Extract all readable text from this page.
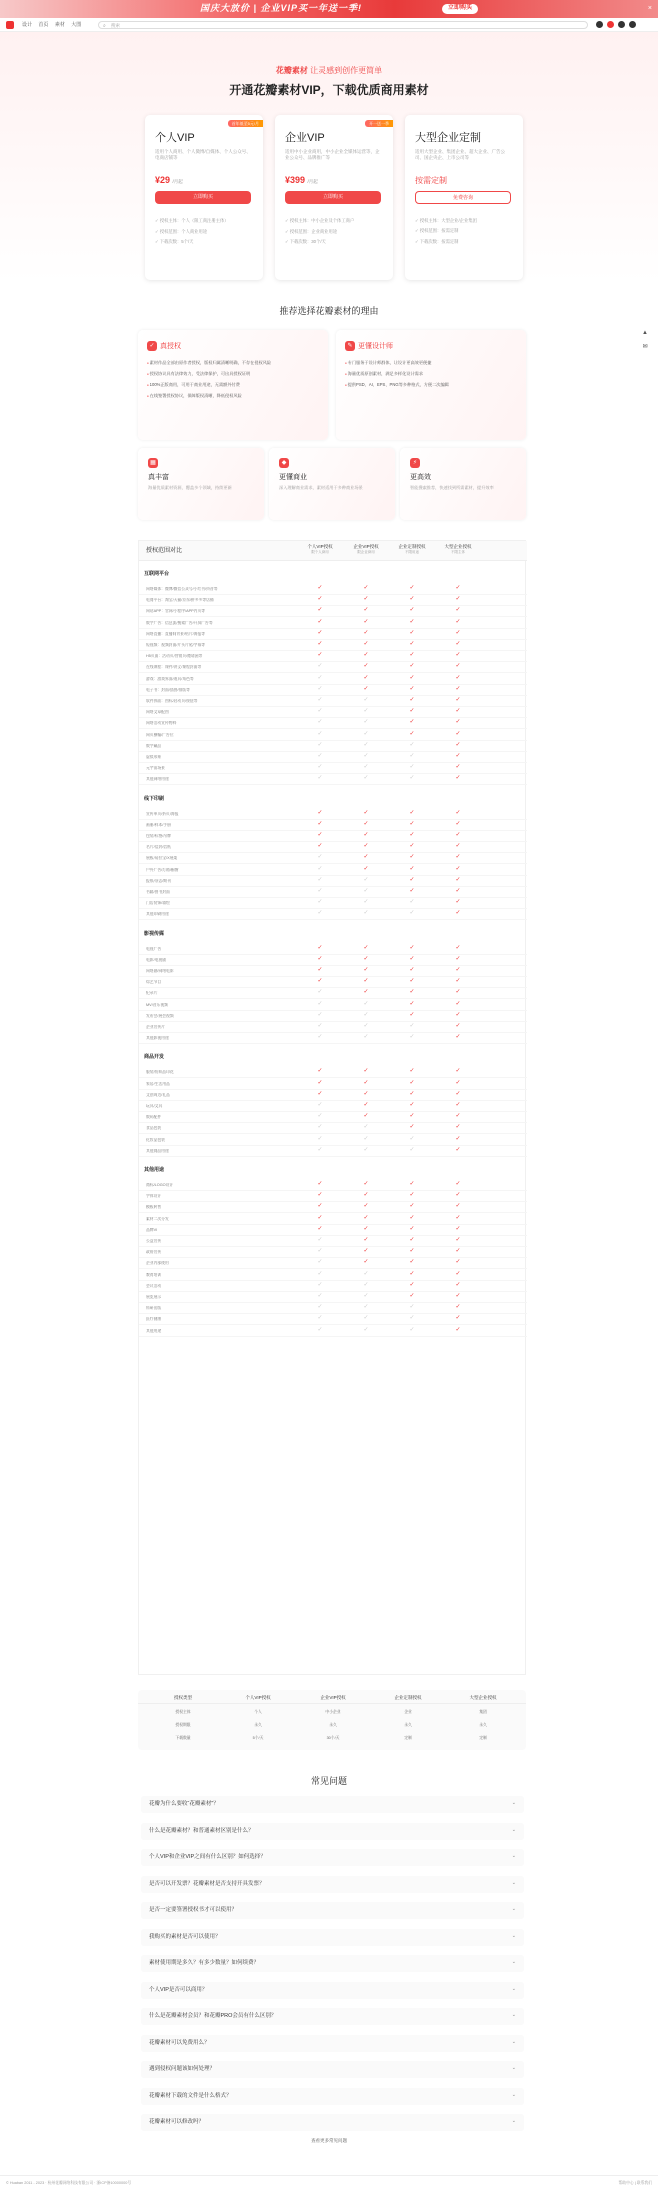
国庆大放价 | 企业VIP买一年送一季!	立即购买	×
设计 首页 素材 大图	⌕ 搜索
花瓣素材 让灵感到创作更简单
开通花瓣素材VIP，下载优质商用素材
首年低至5元/月
个人VIP
适用个人商用、个人微博/自媒体、个人公众号、电商店铺等
¥29 /月起
立即购买
✓ 授权主体：个人（限工商注册主体）
✓ 授权范围：个人商业用途
✓ 下载次数：5个/天
开一送一季
企业VIP
适用中小企业商用，中小企业全媒体运营等，企业公众号、品牌推广等
¥399 /月起
立即购买
✓ 授权主体：中小企业及个体工商户
✓ 授权范围：企业商业用途
✓ 下载次数：30个/天
大型企业定制
适用大型企业、集团企业、超大企业、广告公司、国企央企、上市公司等
按需定制
免费咨询
✓ 授权主体：大型企业/企业集团
✓ 授权范围：按需定制
✓ 下载次数：按需定制
推荐选择花瓣素材的理由
✓ 真授权
● 素材作品全部由原作者授权，版权归属清晰明确，不存在侵权风险
● 授权协议具有法律效力，受法律保护，可出具授权证明
● 100%正版商用，可用于商业用途，无需额外付费
● 在线签署授权协议，保障版权清晰，降低侵权风险
✎ 更懂设计师
● 专门服务于设计师群体，让设计更高效更便捷
● 海量优质原创素材，满足多样化设计需求
● 提供PSD、AI、EPS、PNG等多种格式，方便二次编辑
▦
真丰富
海量优质素材资源，覆盖多个领域，持续更新
◆
更懂商业
深入理解商业需求，素材适用于多种商业场景
⚡
更高效
智能搜索推荐，快速找到所需素材，提升效率
授权范围对比
个人VIP授权
限个人商用
企业VIP授权
限企业商用
企业定制授权
不限用途
大型企业授权
不限主体
互联网平台
网络媒体：微博/微信公众号/小红书/抖音等	✓	✓	✓	✓
电商平台：淘宝/天猫/京东/拼多多等店铺	✓	✓	✓	✓
网站APP：官网/小程序/APP内页等	✓	✓	✓	✓
数字广告：信息流/搜索广告/开屏广告等	✓	✓	✓	✓
网络直播：直播间背景/贴片/海报等	✓	✓	✓	✓
短视频：视频封面/片头片尾/字幕等	✓	✓	✓	✓
H5页面：活动页/营销页/邀请函等	✓	✓	✓	✓
在线课程：课件/讲义/课程封面等	✓	✓	✓	✓
游戏：游戏界面/道具/角色等	✓	✓	✓	✓
电子书：封面/插图/排版等	✓	✓	✓	✓
软件界面：图标/启动页/按钮等	✓	✓	✓	✓
网络文章配图	✓	✓	✓	✓
网络活动宣传物料	✓	✓	✓	✓
网页横幅/广告位	✓	✓	✓	✓
数字藏品	✓	✓	✓	✓
虚拟形象	✓	✓	✓	✓
元宇宙场景	✓	✓	✓	✓
其他网络用途	✓	✓	✓	✓
线下印刷
宣传单页/折页/海报	✓	✓	✓	✓
画册/样本/手册	✓	✓	✓	✓
包装/标签/吊牌	✓	✓	✓	✓
名片/信封/信纸	✓	✓	✓	✓
展板/易拉宝/X展架	✓	✓	✓	✓
户外广告/灯箱/橱窗	✓	✓	✓	✓
报纸/杂志/期刊	✓	✓	✓	✓
书籍/图书封面	✓	✓	✓	✓
门店装饰/墙绘	✓	✓	✓	✓
其他印刷用途	✓	✓	✓	✓
影视传媒
电视广告	✓	✓	✓	✓
电影/电视剧	✓	✓	✓	✓
网络剧/网络电影	✓	✓	✓	✓
综艺节目	✓	✓	✓	✓
纪录片	✓	✓	✓	✓
MV/音乐视频	✓	✓	✓	✓
发布会/展会视频	✓	✓	✓	✓
企业宣传片	✓	✓	✓	✓
其他影视用途	✓	✓	✓	✓
商品开发
服装/纺织品印花	✓	✓	✓	✓
家居/生活用品	✓	✓	✓	✓
文创周边/礼品	✓	✓	✓	✓
玩具/文具	✓	✓	✓	✓
数码配件	✓	✓	✓	✓
食品包装	✓	✓	✓	✓
化妆品包装	✓	✓	✓	✓
其他商品用途	✓	✓	✓	✓
其他用途
商标/LOGO设计	✓	✓	✓	✓
字体设计	✓	✓	✓	✓
模板转售	✓	✓	✓	✓
素材二次分发	✓	✓	✓	✓
品牌VI	✓	✓	✓	✓
公益宣传	✓	✓	✓	✓
政府宣传	✓	✓	✓	✓
企业内部使用	✓	✓	✓	✓
教育培训	✓	✓	✓	✓
会议活动	✓	✓	✓	✓
展览展示	✓	✓	✓	✓
科研出版	✓	✓	✓	✓
医疗健康	✓	✓	✓	✓
其他用途	✓	✓	✓	✓
授权类型	个人VIP授权	企业VIP授权	企业定制授权	大型企业授权
授权主体	个人	中小企业	企业	集团
授权期限	永久	永久	永久	永久
下载数量	5个/天	30个/天	定制	定制
常见问题
花瓣为什么要收“花瓣素材”？	⌄
什么是花瓣素材？和普通素材区别是什么？	⌄
个人VIP和企业VIP之间有什么区别？如何选择？	⌄
是否可以开发票？花瓣素材是否支持开具发票？	⌄
是否一定要签署授权书才可以使用？	⌄
我购买的素材是否可以使用？	⌄
素材使用期是多久？有多少数量？如何续费？	⌄
个人VIP是否可以商用？	⌄
什么是花瓣素材会员？和花瓣PRO会员有什么区别？	⌄
花瓣素材可以免费用么？	⌄
遇到侵权问题该如何处理？	⌄
花瓣素材下载的文件是什么格式？	⌄
花瓣素材可以修改吗？	⌄
查看更多常见问题
▲
✉
© Huaban 2011 - 2023 · 杭州花瓣网络科技有限公司 · 浙ICP备10000000号	帮助中心 | 联系我们
